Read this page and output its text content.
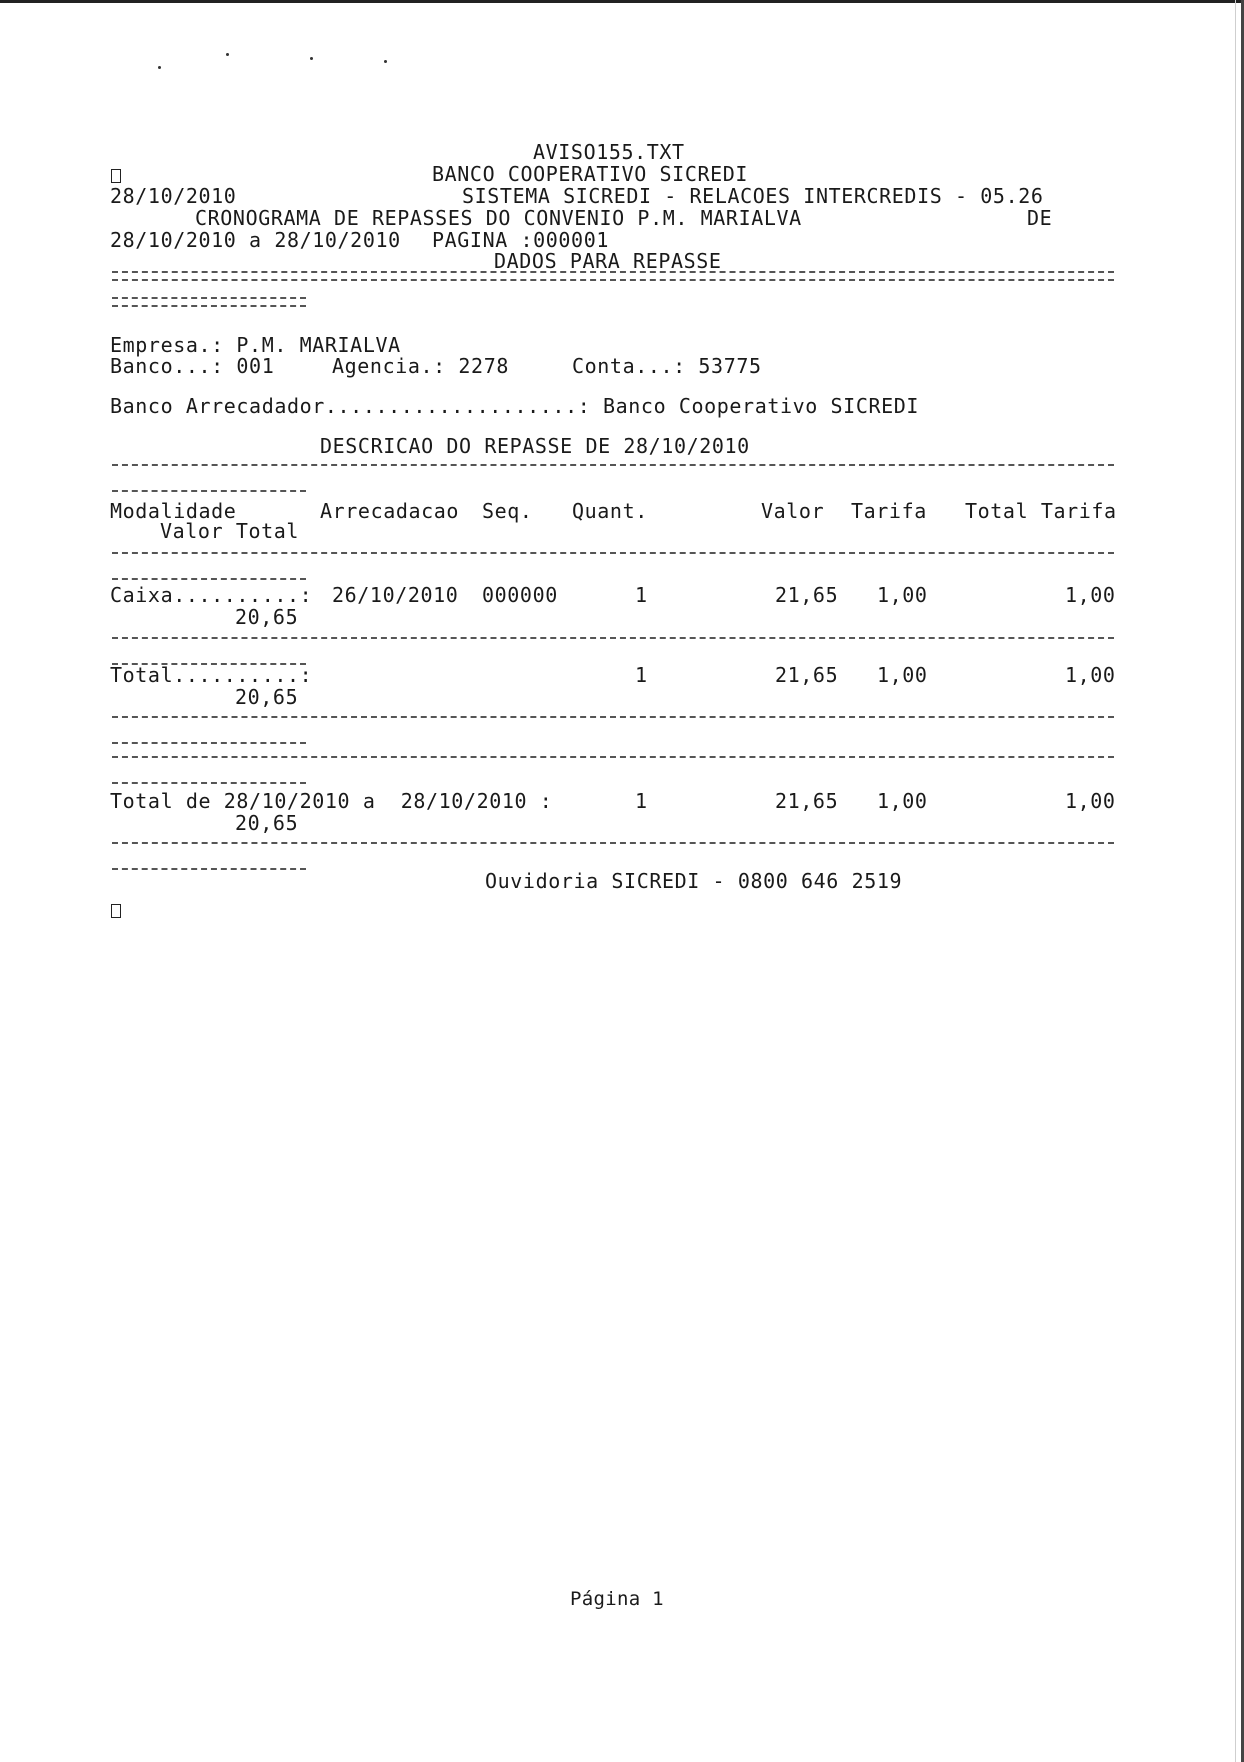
AVISO155.TXT
BANCO COOPERATIVO SICREDI
28/10/2010	SISTEMA SICREDI - RELACOES INTERCREDIS - 05.26
CRONOGRAMA DE REPASSES DO CONVENIO P.M. MARIALVA	DE
28/10/2010 a 28/10/2010 PAGINA :000001
DADOS PARA REPASSE
Empresa.: P.M. MARIALVA
Banco...: 001	Agencia.: 2278	Conta...: 53775
Banco Arrecadador....................: Banco Cooperativo SICREDI
DESCRICAO DO REPASSE DE 28/10/2010
Modalidade	Arrecadacao Seq. Quant.	Valor Tarifa Total Tarifa
Valor Total
Caixa..........: 26/10/2010 000000	1	21,65 1,00	1,00
20,65
Total..........:	1	21,65 1,00	1,00
20,65
Total de 28/10/2010 a  28/10/2010 :	1	21,65 1,00	1,00
20,65
Ouvidoria SICREDI - 0800 646 2519
Página 1
